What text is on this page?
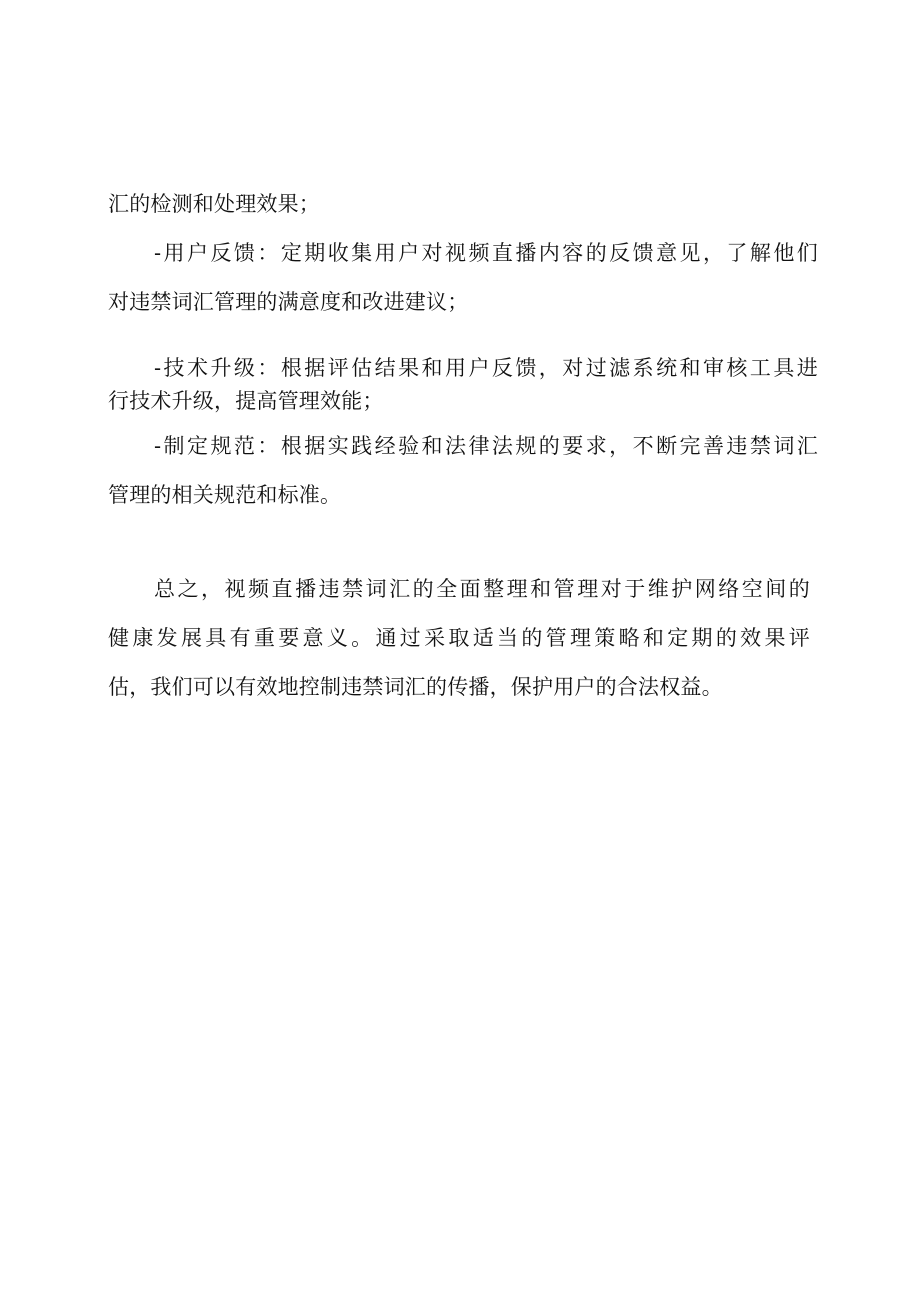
汇的检测和处理效果；
-用户反馈：定期收集用户对视频直播内容的反馈意见，了解他们
对违禁词汇管理的满意度和改进建议；
-技术升级：根据评估结果和用户反馈，对过滤系统和审核工具进
行技术升级，提高管理效能；
-制定规范：根据实践经验和法律法规的要求，不断完善违禁词汇
管理的相关规范和标准。
总之，视频直播违禁词汇的全面整理和管理对于维护网络空间的
健康发展具有重要意义。通过采取适当的管理策略和定期的效果评
估，我们可以有效地控制违禁词汇的传播，保护用户的合法权益。
